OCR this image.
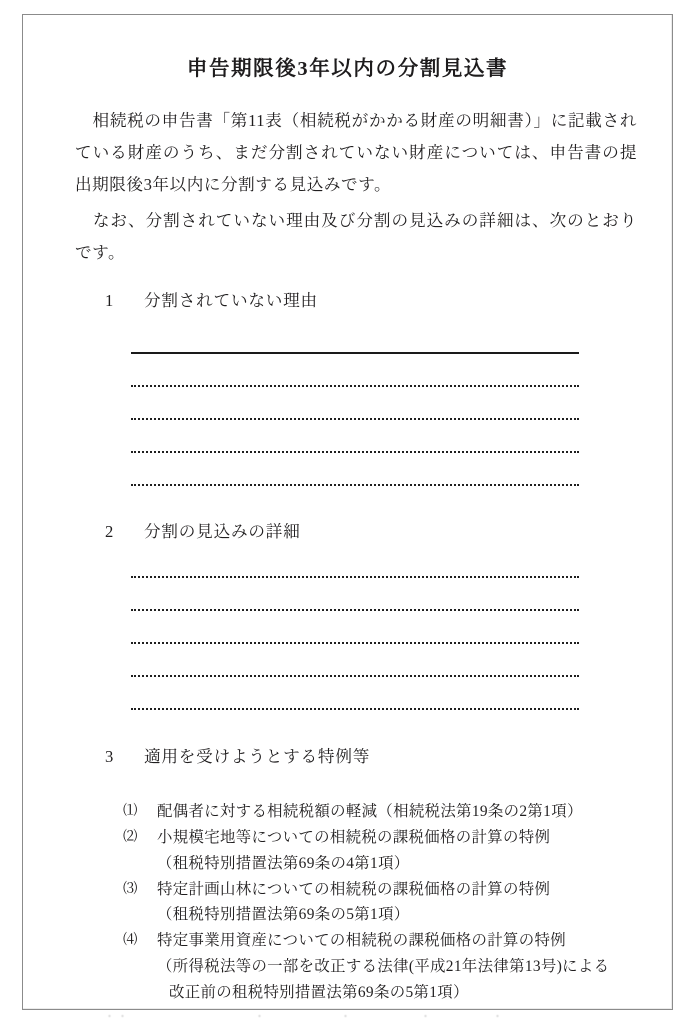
申告期限後3年以内の分割見込書
相続税の申告書「第11表（相続税がかかる財産の明細書）」に記載されている財産のうち、まだ分割されていない財産については、申告書の提出期限後3年以内に分割する見込みです。
なお、分割されていない理由及び分割の見込みの詳細は、次のとおりです。
1 分割されていない理由
2 分割の見込みの詳細
3 適用を受けようとする特例等
⑴	配偶者に対する相続税額の軽減（相続税法第19条の2第1項）
⑵	小規模宅地等についての相続税の課税価格の計算の特例
（租税特別措置法第69条の4第1項）
⑶	特定計画山林についての相続税の課税価格の計算の特例
（租税特別措置法第69条の5第1項）
⑷	特定事業用資産についての相続税の課税価格の計算の特例
（所得税法等の一部を改正する法律(平成21年法律第13号)による
改正前の租税特別措置法第69条の5第1項）
・・	・	・	・	・
